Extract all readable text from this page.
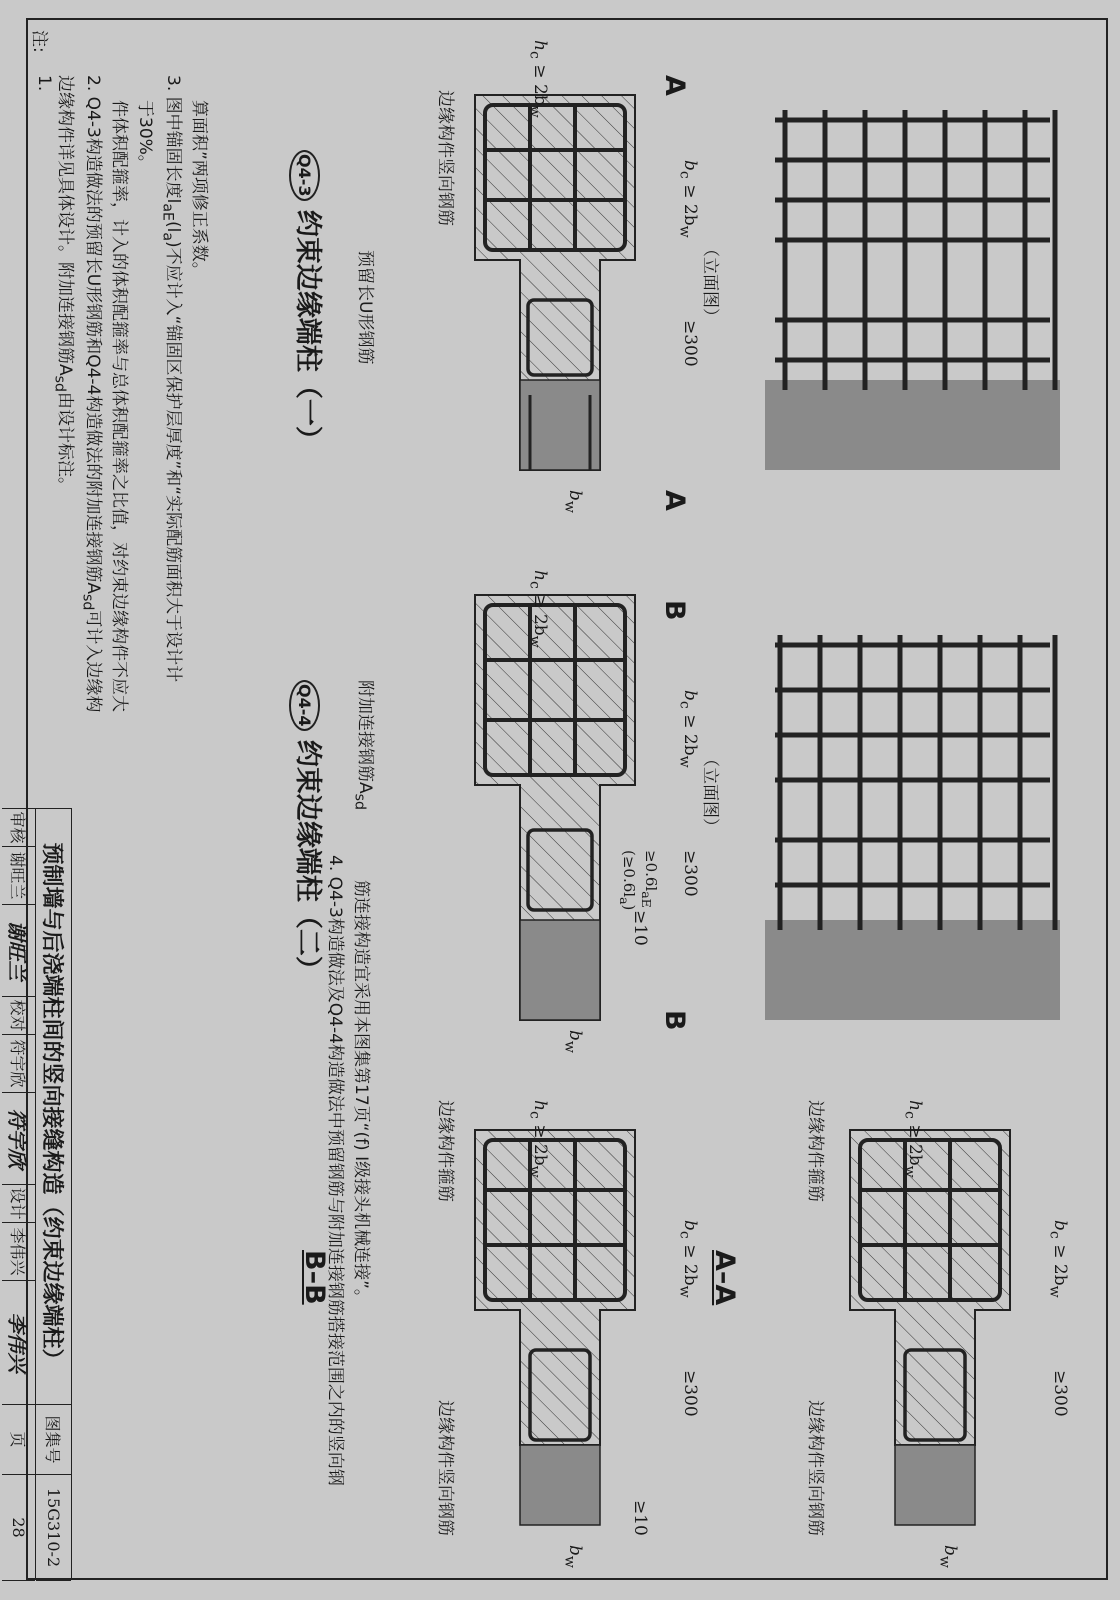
注:
1. 边缘构件详见具体设计。附加连接钢筋$A_{sd}$由设计标注。
2. Q4-3构造做法的预留长U形钢筋和Q4-4构造做法的附加连接钢筋$A_{sd}$可计入边缘构 件体积配箍率，计入的体积配箍率与总体积配箍率之比值，对约束边缘构件不应大 于30%。
3. 图中锚固长度$l_{aE}(l_a)$不应计入“锚固区保护层厚度”和“实际配筋面积大于设计计
算面积”两项修正系数。
4. Q4-3构造做法及Q4-4构造做法中预留钢筋与附加连接钢筋搭接范围之内的竖向钢 筋连接构造宜采用本图集第17页“(f) I级接头机械连接”。
Q4-3 约束边缘端柱（一）
Q4-4 约束边缘端柱（二）
预留长U形钢筋
附加连接钢筋$A_{sd}$
（立面图）
（立面图）
A
A
B
B
A–A
B–B
边缘构件竖向钢筋
边缘构件箍筋
边缘构件竖向钢筋
边缘构件箍筋
边缘构件竖向钢筋
$h_c \ge 2b_w$
$h_c \ge 2b_w$
$h_c \ge 2b_w$
$h_c \ge 2b_w$
$b_c \ge 2b_w$
$b_c \ge 2b_w$
$b_c \ge 2b_w$
$b_c \ge 2b_w$
≥300
≥300
≥300	≥300
≥10
≥10
$\ge 0.6l_{aE}$
$(\ge 0.6l_a)$
$b_w$
$b_w$
$b_w$
$b_w$
预制墙与后浇端柱间的竖向接缝构造（约束边缘端柱）
图集号
15G310-2
审核
谢旺兰
谢旺兰
校对
符宇欣
符宇欣
设计
李伟兴
李伟兴
页
28
